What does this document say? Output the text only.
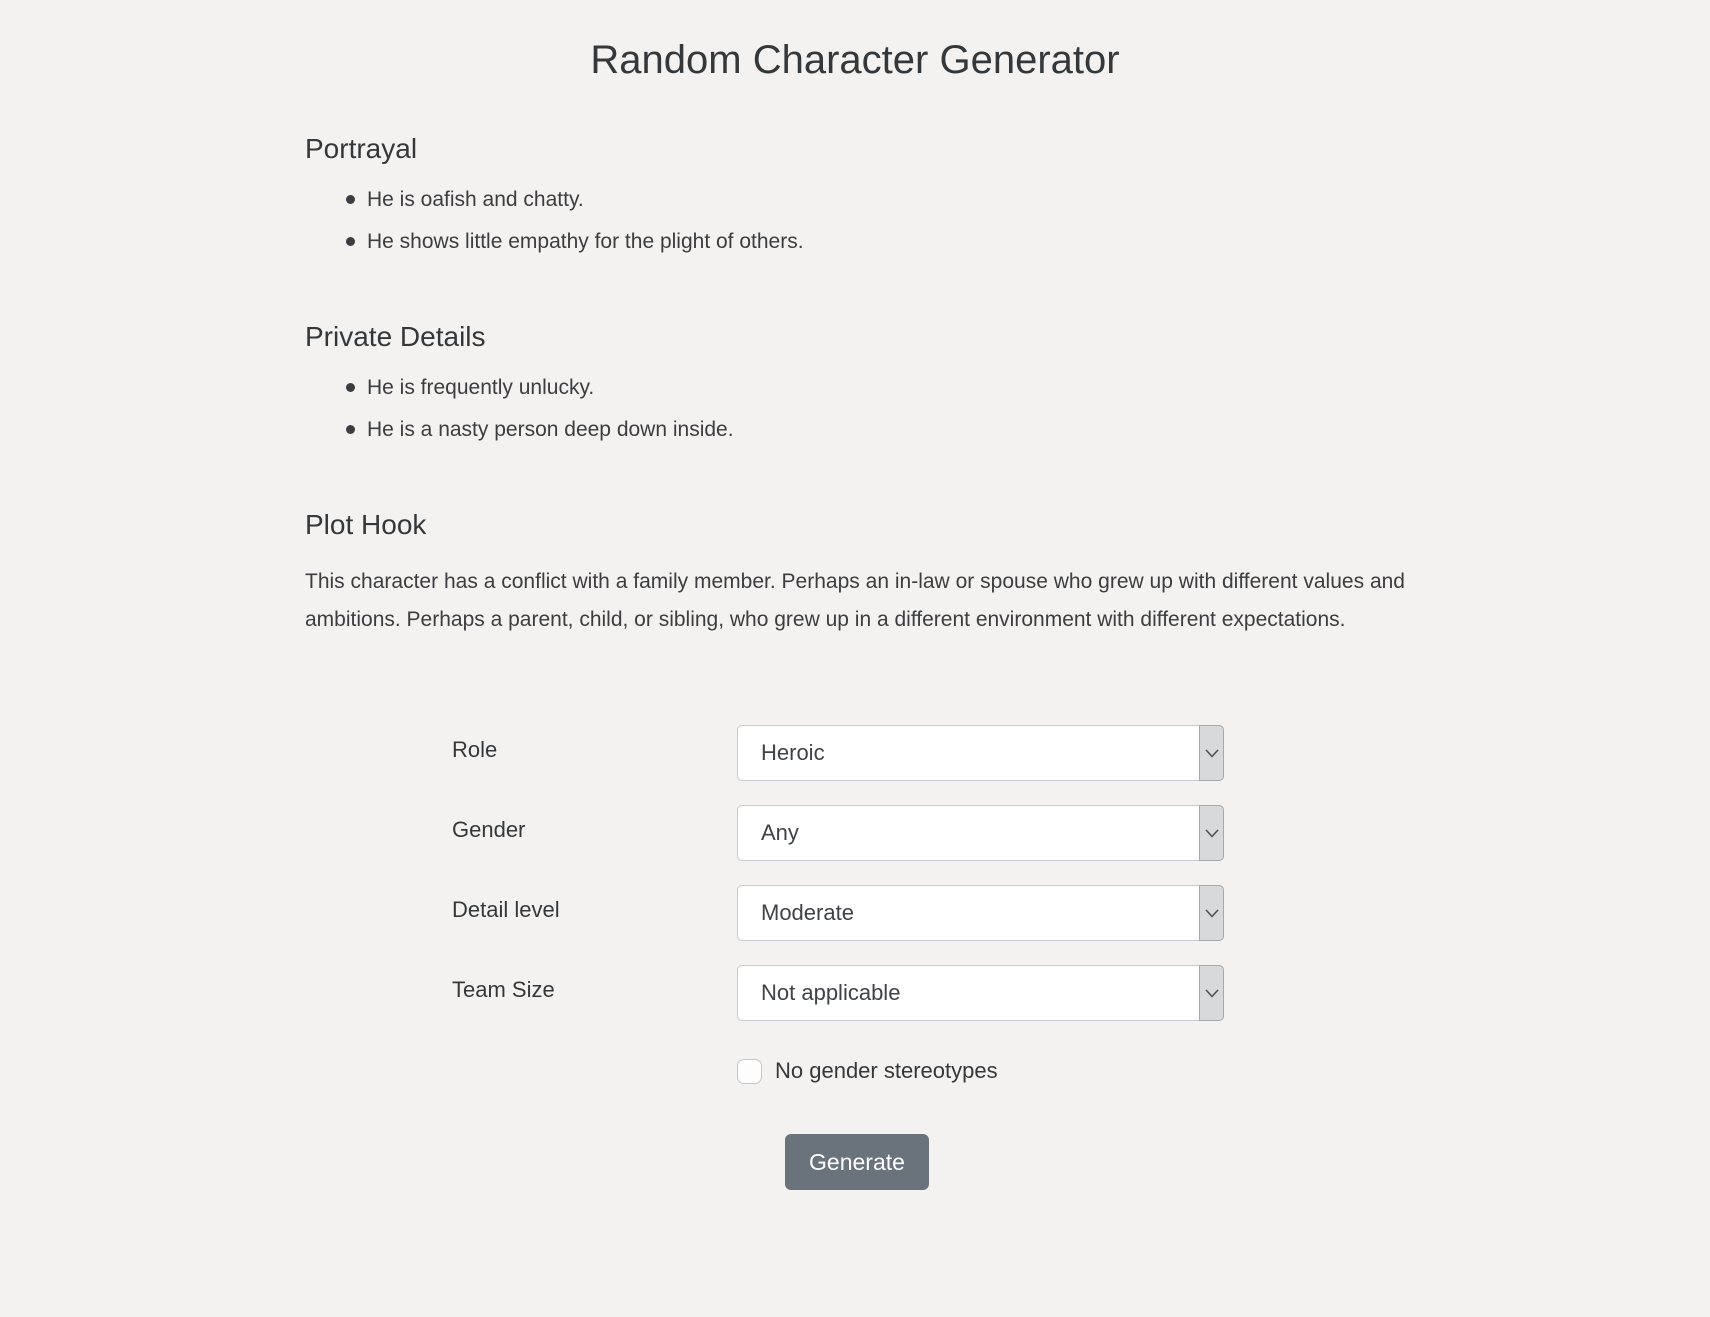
Random Character Generator
Portrayal
He is oafish and chatty.
He shows little empathy for the plight of others.
Private Details
He is frequently unlucky.
He is a nasty person deep down inside.
Plot Hook

This character has a conflict with a family member. Perhaps an in-law or spouse who grew up with different values and ambitions. Perhaps a parent, child, or sibling, who grew up in a different environment with different expectations.

Role	Heroic
Gender	Any
Detail level	Moderate
Team Size	Not applicable
No gender stereotypes
Generate
